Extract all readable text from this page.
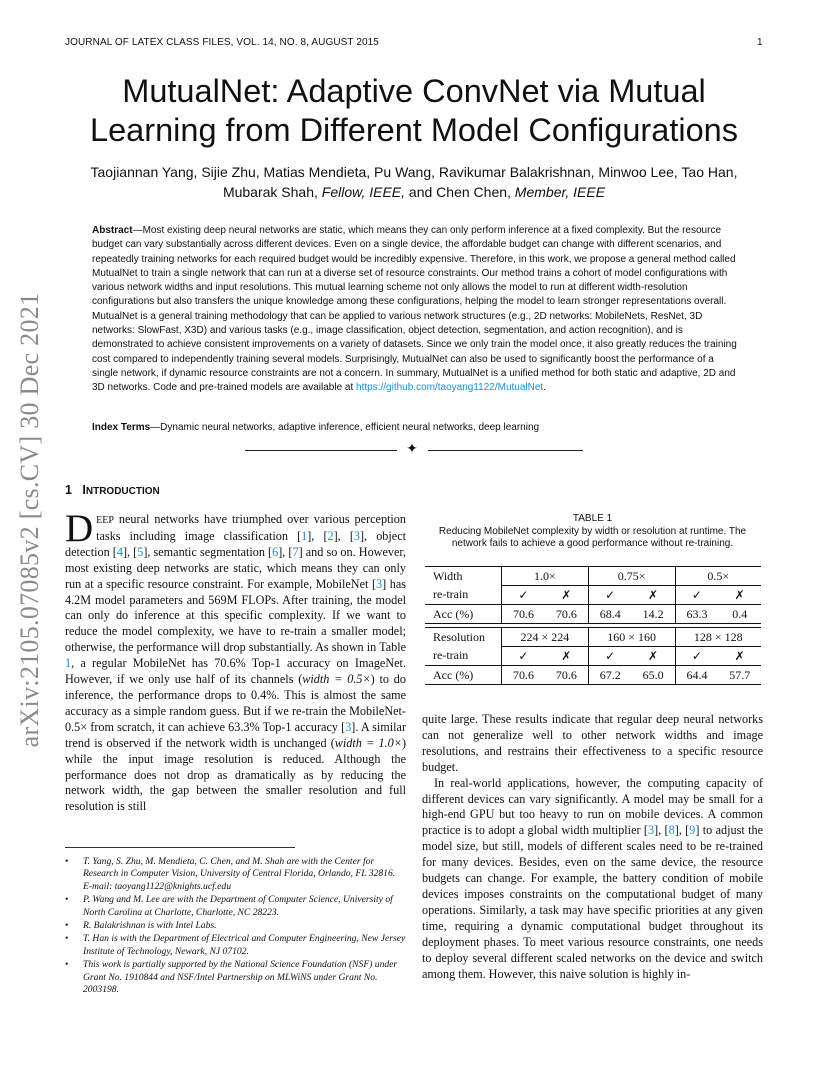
JOURNAL OF LATEX CLASS FILES, VOL. 14, NO. 8, AUGUST 2015	1
arXiv:2105.07085v2 [cs.CV] 30 Dec 2021
MutualNet: Adaptive ConvNet via Mutual Learning from Different Model Configurations
Taojiannan Yang, Sijie Zhu, Matias Mendieta, Pu Wang, Ravikumar Balakrishnan, Minwoo Lee, Tao Han,
Mubarak Shah, Fellow, IEEE, and Chen Chen, Member, IEEE
Abstract—Most existing deep neural networks are static, which means they can only perform inference at a fixed complexity. But the resource budget can vary substantially across different devices. Even on a single device, the affordable budget can change with different scenarios, and repeatedly training networks for each required budget would be incredibly expensive. Therefore, in this work, we propose a general method called MutualNet to train a single network that can run at a diverse set of resource constraints. Our method trains a cohort of model configurations with various network widths and input resolutions. This mutual learning scheme not only allows the model to run at different width-resolution configurations but also transfers the unique knowledge among these configurations, helping the model to learn stronger representations overall. MutualNet is a general training methodology that can be applied to various network structures (e.g., 2D networks: MobileNets, ResNet, 3D networks: SlowFast, X3D) and various tasks (e.g., image classification, object detection, segmentation, and action recognition), and is demonstrated to achieve consistent improvements on a variety of datasets. Since we only train the model once, it also greatly reduces the training cost compared to independently training several models. Surprisingly, MutualNet can also be used to significantly boost the performance of a single network, if dynamic resource constraints are not a concern. In summary, MutualNet is a unified method for both static and adaptive, 2D and 3D networks. Code and pre-trained models are available at https://github.com/taoyang1122/MutualNet.
Index Terms—Dynamic neural networks, adaptive inference, efficient neural networks, deep learning
✦
1 INTRODUCTION
DEEP neural networks have triumphed over various perception tasks including image classification [1], [2], [3], object detection [4], [5], semantic segmentation [6], [7] and so on. However, most existing deep networks are static, which means they can only run at a specific resource constraint. For example, MobileNet [3] has 4.2M model parameters and 569M FLOPs. After training, the model can only do inference at this specific complexity. If we want to reduce the model complexity, we have to re-train a smaller model; otherwise, the performance will drop substantially. As shown in Table 1, a regular MobileNet has 70.6% Top-1 accuracy on ImageNet. However, if we only use half of its channels (width = 0.5×) to do inference, the performance drops to 0.4%. This is almost the same accuracy as a simple random guess. But if we re-train the MobileNet-0.5× from scratch, it can achieve 63.3% Top-1 accuracy [3]. A similar trend is observed if the network width is unchanged (width = 1.0×) while the input image resolution is reduced. Although the performance does not drop as dramatically as by reducing the network width, the gap between the smaller resolution and full resolution is still
TABLE 1
Reducing MobileNet complexity by width or resolution at runtime. The network fails to achieve a good performance without re-training.
Width	1.0×		0.75×		0.5×	
re-train	✓	✗	✓	✗	✓	✗
Acc (%)	70.6	70.6	68.4	14.2	63.3	0.4

Resolution	224 × 224		160 × 160		128 × 128	
re-train	✓	✗	✓	✗	✓	✗
Acc (%)	70.6	70.6	67.2	65.0	64.4	57.7

quite large. These results indicate that regular deep neural networks can not generalize well to other network widths and image resolutions, and restrains their effectiveness to a specific resource budget.

In real-world applications, however, the computing capacity of different devices can vary significantly. A model may be small for a high-end GPU but too heavy to run on mobile devices. A common practice is to adopt a global width multiplier [3], [8], [9] to adjust the model size, but still, models of different scales need to be re-trained for many devices. Besides, even on the same device, the resource budgets can change. For example, the battery condition of mobile devices imposes constraints on the computational budget of many operations. Similarly, a task may have specific priorities at any given time, requiring a dynamic computational budget throughout its deployment phases. To meet various resource constraints, one needs to deploy several different scaled networks on the device and switch among them. However, this naive solution is highly in-

• T. Yang, S. Zhu, M. Mendieta, C. Chen, and M. Shah are with the Center for Research in Computer Vision, University of Central Florida, Orlando, FL 32816. E-mail: taoyang1122@knights.ucf.edu
• P. Wang and M. Lee are with the Department of Computer Science, University of North Carolina at Charlotte, Charlotte, NC 28223.
• R. Balakrishnan is with Intel Labs.
• T. Han is with the Department of Electrical and Computer Engineering, New Jersey Institute of Technology, Newark, NJ 07102.
• This work is partially supported by the National Science Foundation (NSF) under Grant No. 1910844 and NSF/Intel Partnership on MLWiNS under Grant No. 2003198.
